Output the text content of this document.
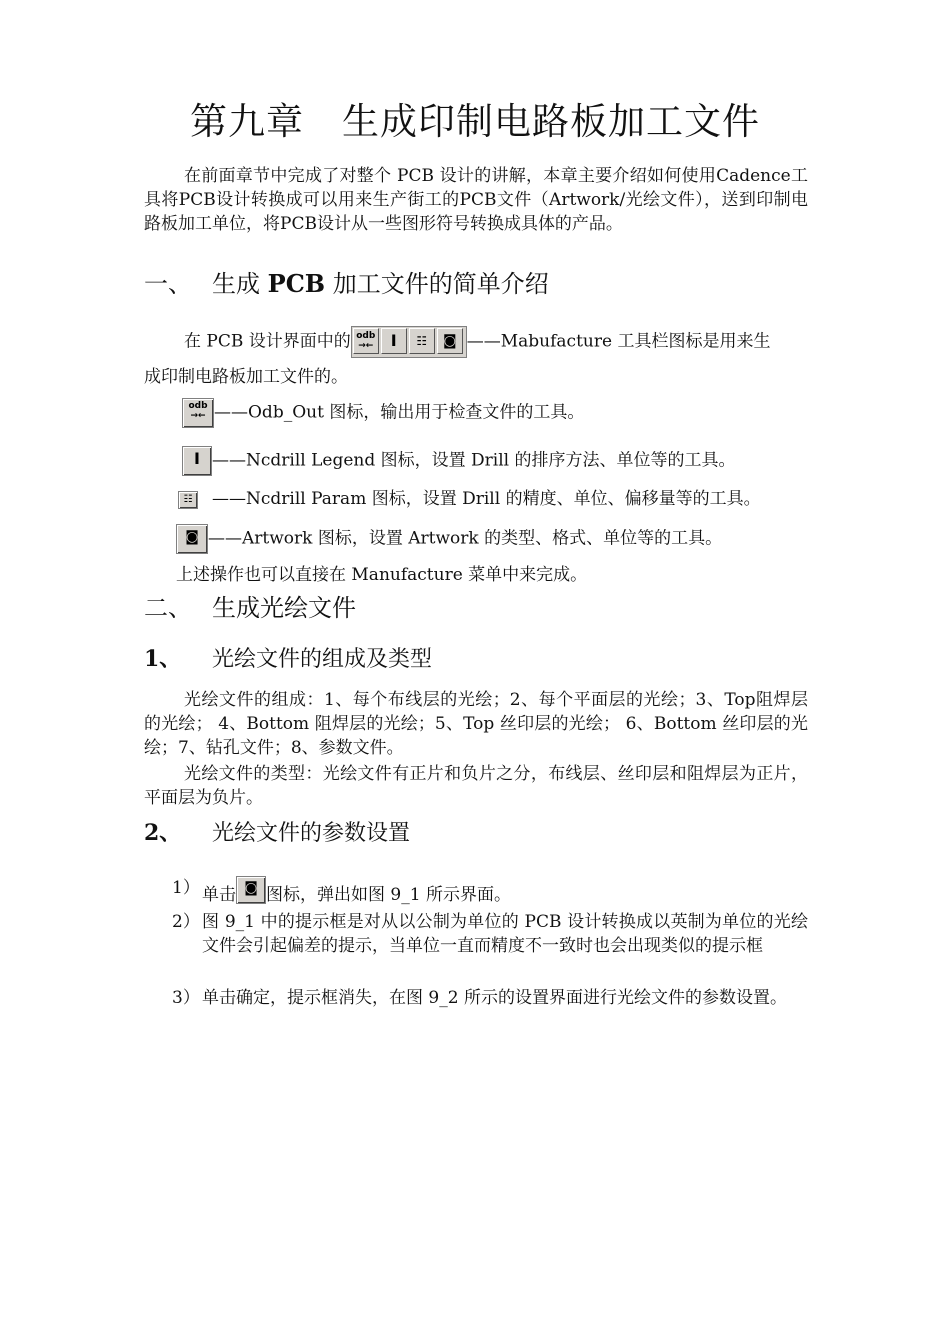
第九章　生成印制电路板加工文件
在前面章节中完成了对整个 PCB 设计的讲解，本章主要介绍如何使用Cadence工具将PCB设计转换成可以用来生产街工的PCB文件（Artwork/光绘文件），送到印制电路板加工单位，将PCB设计从一些图形符号转换成具体的产品。
一、 生成 PCB 加工文件的简单介绍
在 PCB 设计界面中的 odb
→←	I	☷	◙ ——Mabufacture 工具栏图标是用来生
成印制电路板加工文件的。
odb
→← ——Odb_Out 图标，输出用于检查文件的工具。
I ——Ncdrill Legend 图标，设置 Drill 的排序方法、单位等的工具。
☷ ——Ncdrill Param 图标，设置 Drill 的精度、单位、偏移量等的工具。
◙ ——Artwork 图标，设置 Artwork 的类型、格式、单位等的工具。
上述操作也可以直接在 Manufacture 菜单中来完成。
二、 生成光绘文件
1、 光绘文件的组成及类型
光绘文件的组成：1、每个布线层的光绘；2、每个平面层的光绘；3、Top阻焊层的光绘； 4、Bottom 阻焊层的光绘；5、Top 丝印层的光绘； 6、Bottom 丝印层的光绘；7、钻孔文件；8、参数文件。
光绘文件的类型：光绘文件有正片和负片之分，布线层、丝印层和阻焊层为正片，平面层为负片。
2、 光绘文件的参数设置
1） 单击 ◙ 图标，弹出如图 9_1 所示界面。
2） 图 9_1 中的提示框是对从以公制为单位的 PCB 设计转换成以英制为单位的光绘文件会引起偏差的提示，当单位一直而精度不一致时也会出现类似的提示框
3） 单击确定，提示框消失，在图 9_2 所示的设置界面进行光绘文件的参数设置。
